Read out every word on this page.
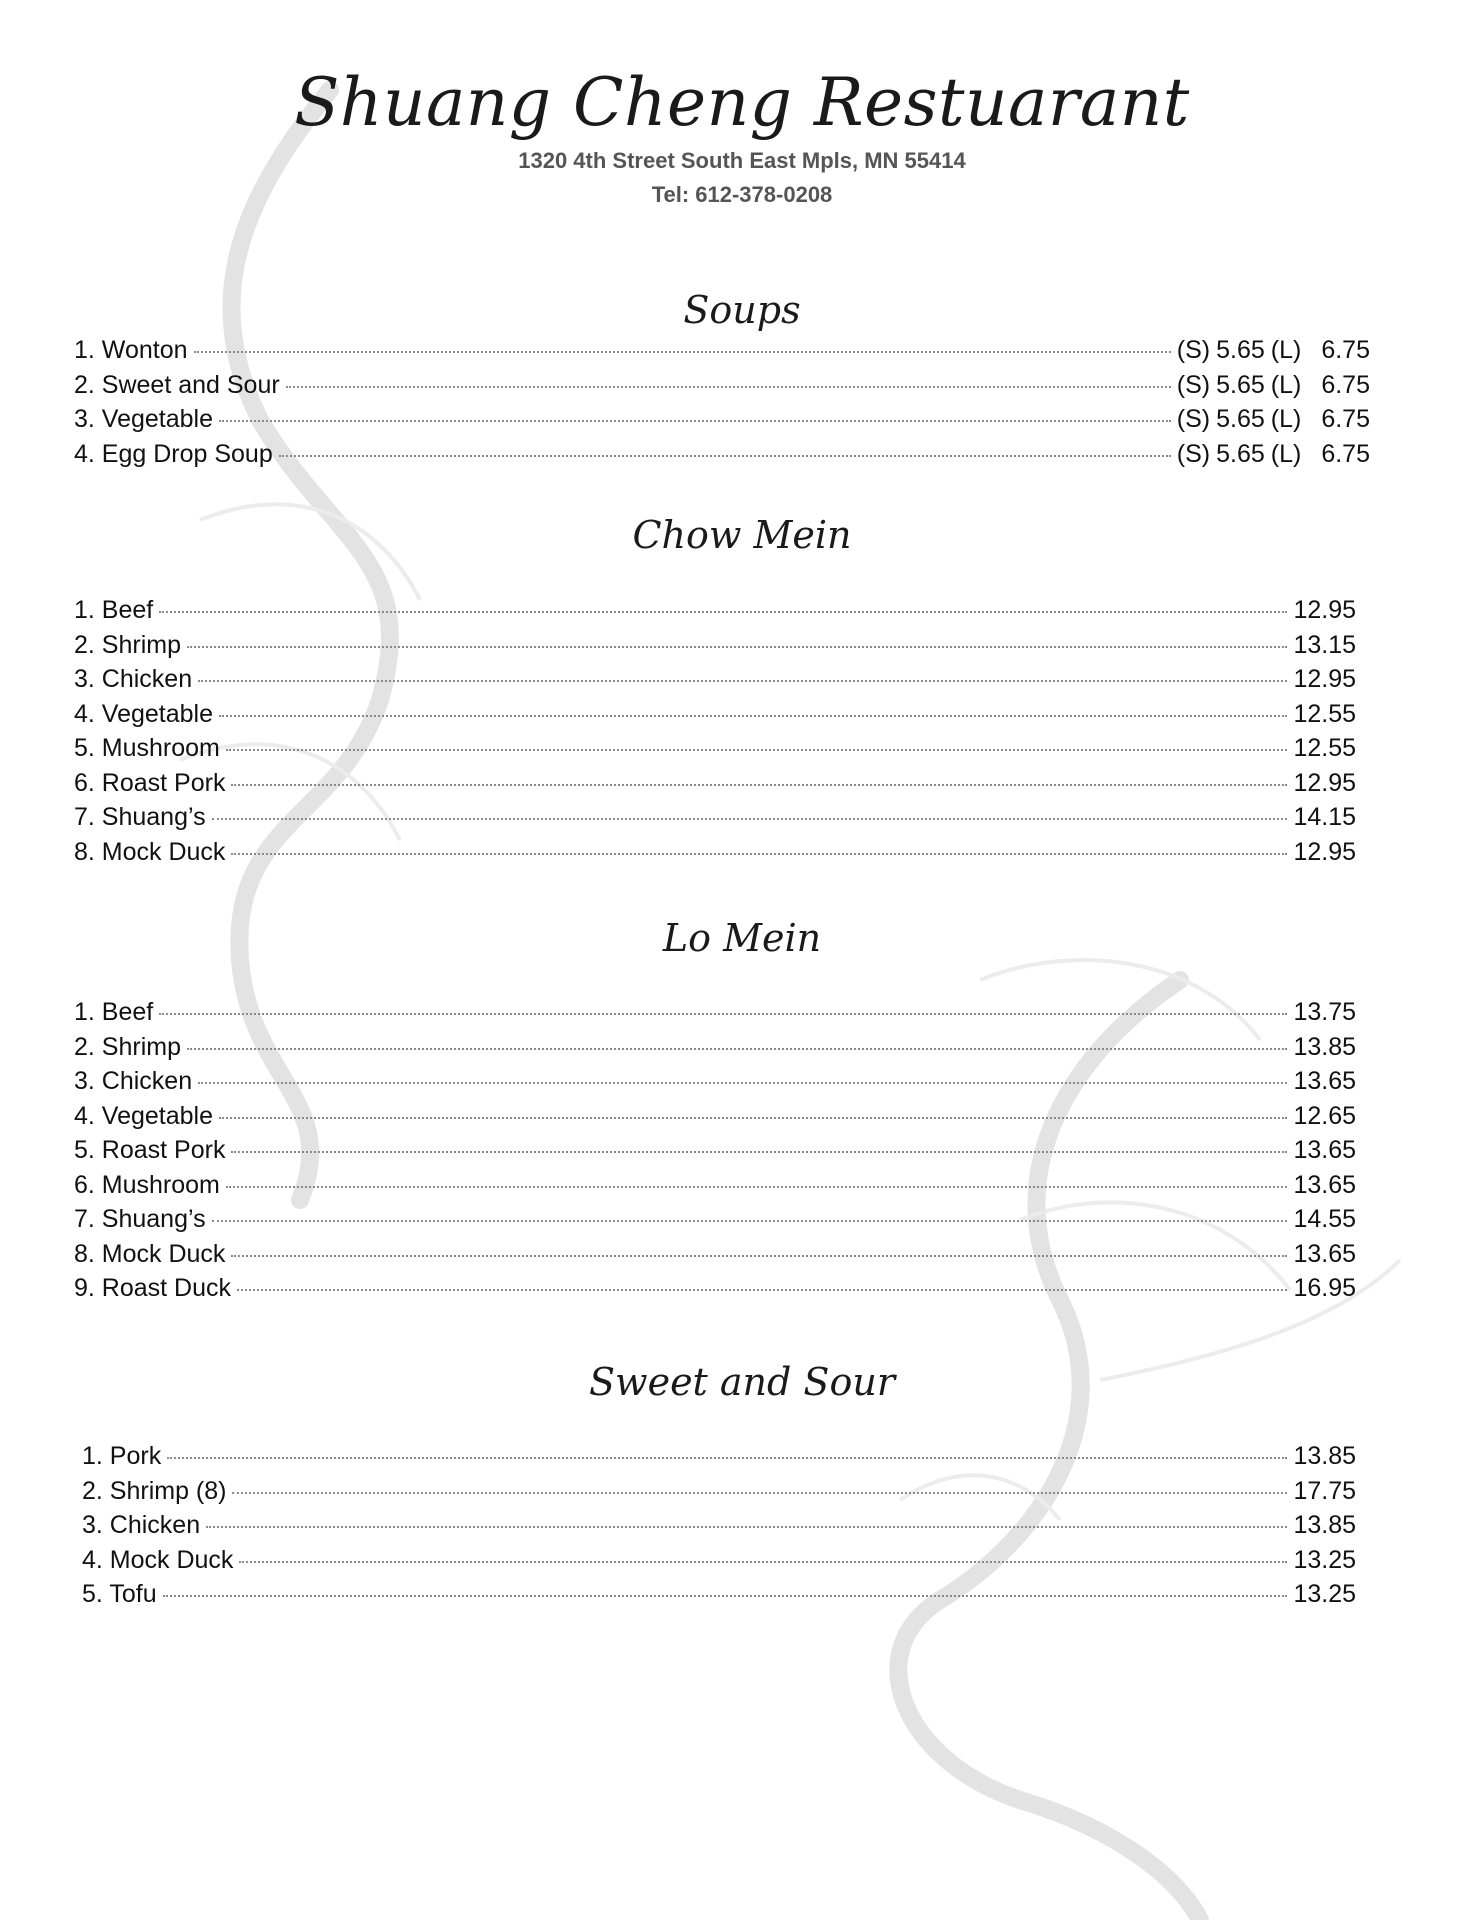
Shuang Cheng Restuarant
1320 4th Street South East Mpls, MN 55414
Tel: 612-378-0208
Soups
1. Wonton	(S) 5.65 (L) 6.75
2. Sweet and Sour	(S) 5.65 (L) 6.75
3. Vegetable	(S) 5.65 (L) 6.75
4. Egg Drop Soup	(S) 5.65 (L) 6.75
Chow Mein
1. Beef	12.95
2. Shrimp	13.15
3. Chicken	12.95
4. Vegetable	12.55
5. Mushroom	12.55
6. Roast Pork	12.95
7. Shuang’s	14.15
8. Mock Duck	12.95
Lo Mein
1. Beef	13.75
2. Shrimp	13.85
3. Chicken	13.65
4. Vegetable	12.65
5. Roast Pork	13.65
6. Mushroom	13.65
7. Shuang’s	14.55
8. Mock Duck	13.65
9. Roast Duck	16.95
Sweet and Sour
1. Pork	13.85
2. Shrimp (8)	17.75
3. Chicken	13.85
4. Mock Duck	13.25
5. Tofu	13.25
